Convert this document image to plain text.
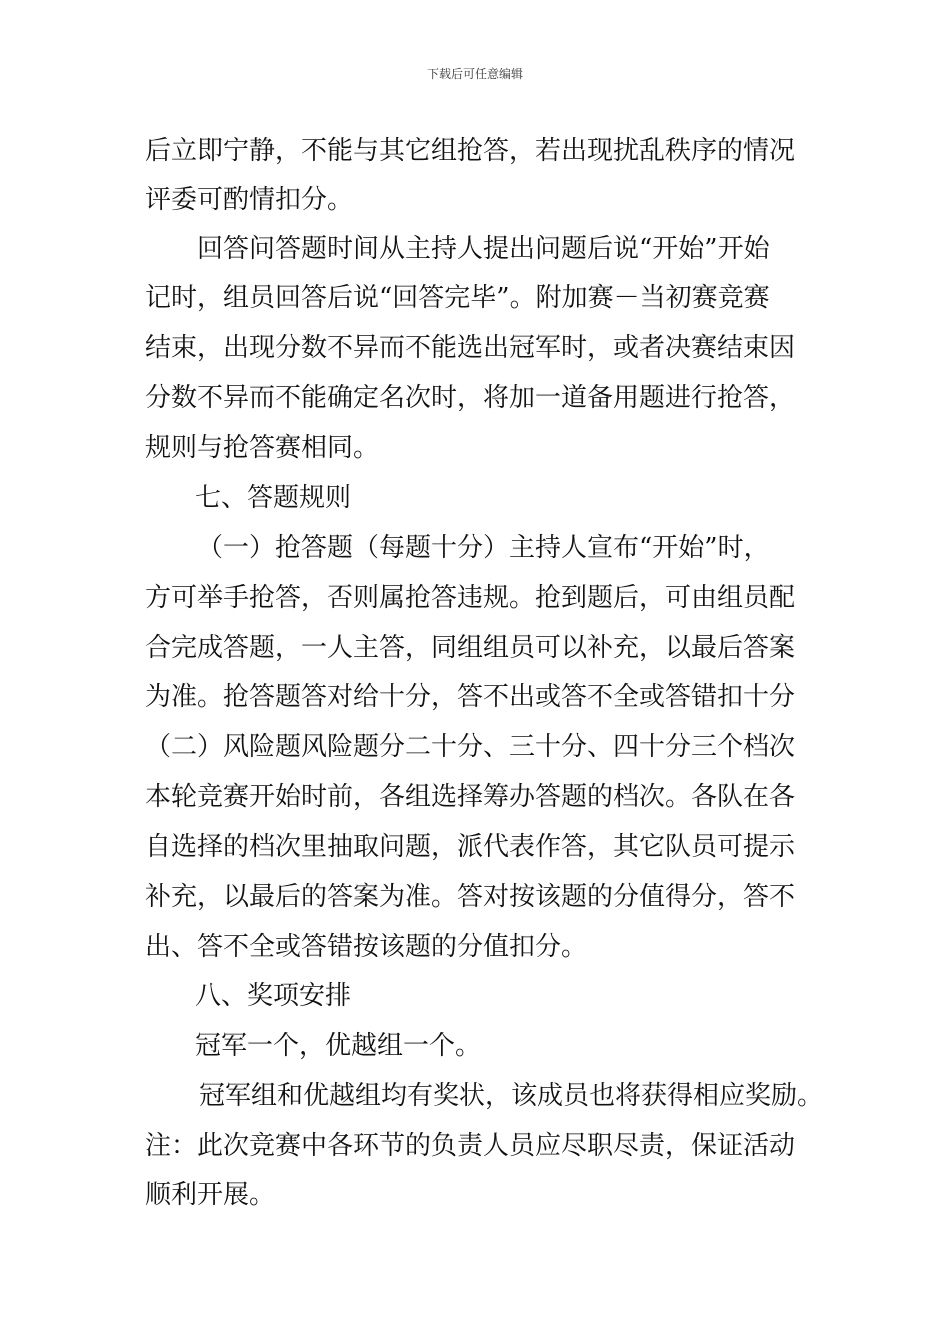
下载后可任意编辑
后立即宁静，不能与其它组抢答，若出现扰乱秩序的情况
评委可酌情扣分。
回答问答题时间从主持人提出问题后说“开始”开始
记时，组员回答后说“回答完毕”。附加赛－当初赛竞赛
结束，出现分数不异而不能选出冠军时，或者决赛结束因
分数不异而不能确定名次时，将加一道备用题进行抢答，
规则与抢答赛相同。
七、答题规则
（一）抢答题（每题十分）主持人宣布“开始”时，
方可举手抢答，否则属抢答违规。抢到题后，可由组员配
合完成答题，一人主答，同组组员可以补充，以最后答案
为准。抢答题答对给十分，答不出或答不全或答错扣十分
（二）风险题风险题分二十分、三十分、四十分三个档次
本轮竞赛开始时前，各组选择筹办答题的档次。各队在各
自选择的档次里抽取问题，派代表作答，其它队员可提示
补充，以最后的答案为准。答对按该题的分值得分，答不
出、答不全或答错按该题的分值扣分。
八、奖项安排
冠军一个，优越组一个。
冠军组和优越组均有奖状，该成员也将获得相应奖励。
注：此次竞赛中各环节的负责人员应尽职尽责，保证活动
顺利开展。
